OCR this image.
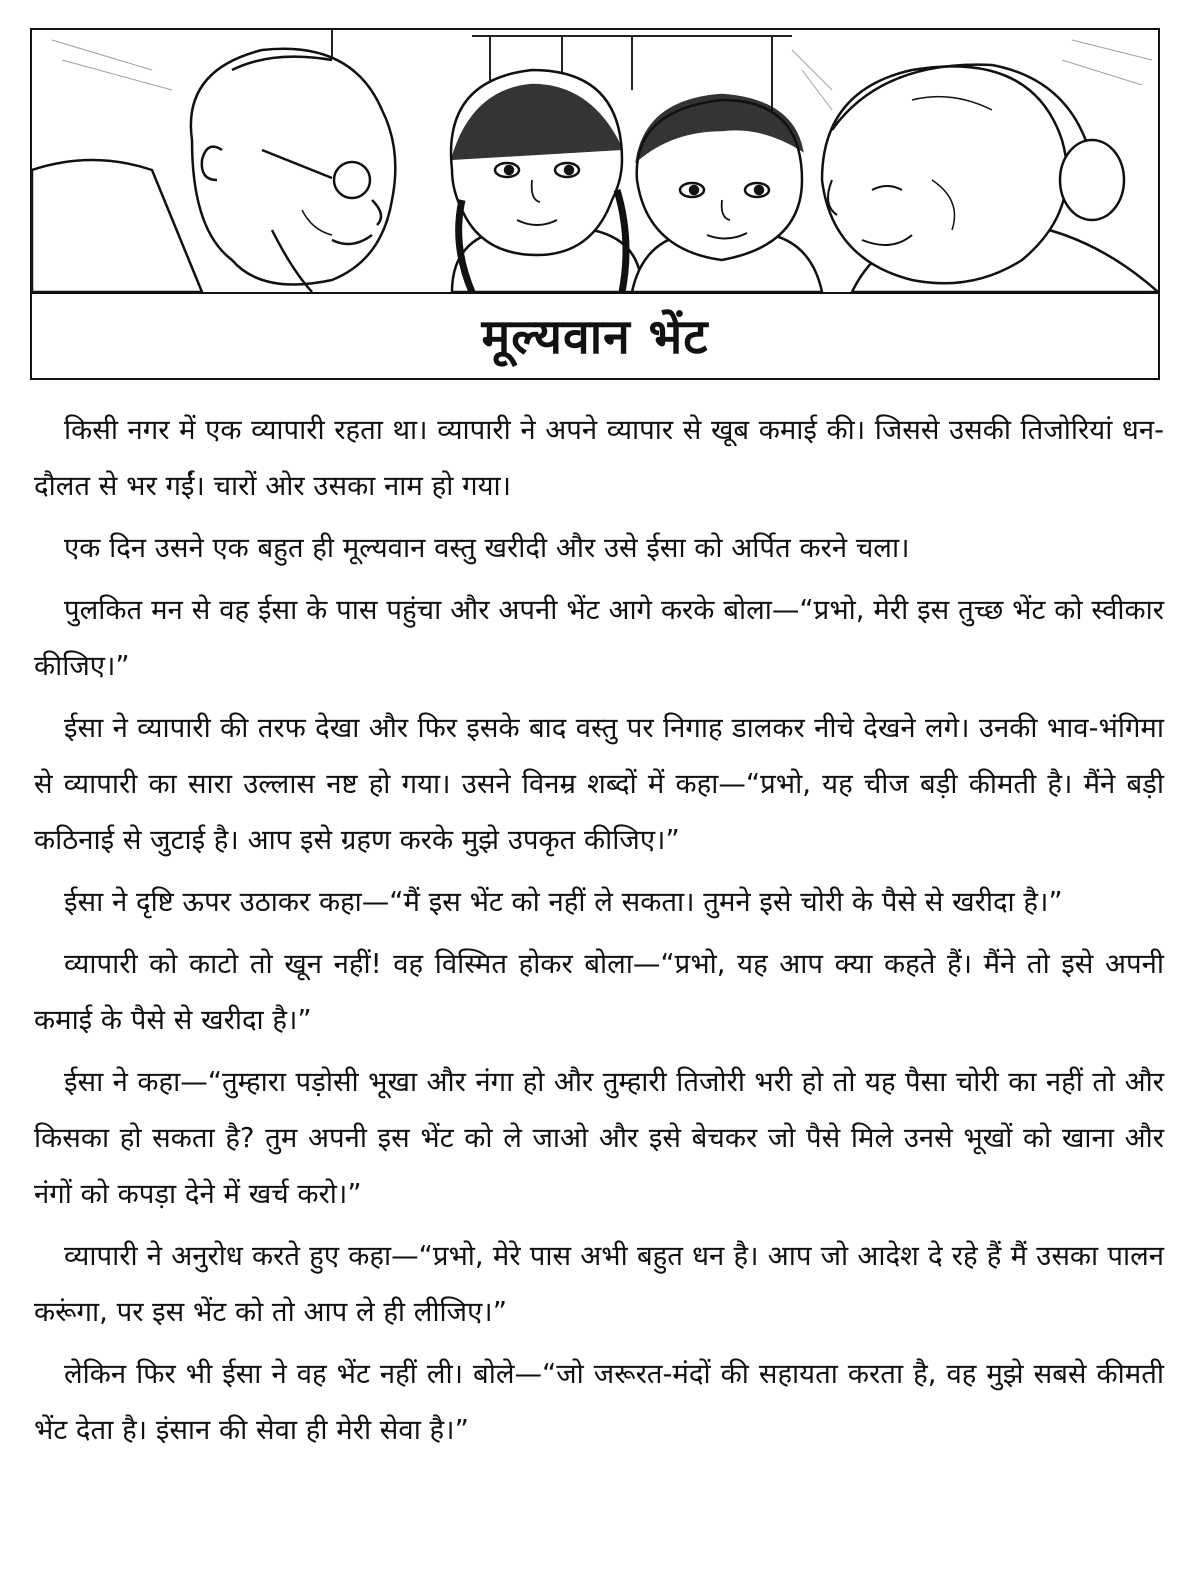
मूल्यवान भेंट

किसी नगर में एक व्यापारी रहता था। व्यापारी ने अपने व्यापार से खूब कमाई की। जिससे उसकी तिजोरियां धन-दौलत से भर गईं। चारों ओर उसका नाम हो गया।

एक दिन उसने एक बहुत ही मूल्यवान वस्तु खरीदी और उसे ईसा को अर्पित करने चला।

पुलकित मन से वह ईसा के पास पहुंचा और अपनी भेंट आगे करके बोला—“प्रभो, मेरी इस तुच्छ भेंट को स्वीकार कीजिए।”

ईसा ने व्यापारी की तरफ देखा और फिर इसके बाद वस्तु पर निगाह डालकर नीचे देखने लगे। उनकी भाव-भंगिमा से व्यापारी का सारा उल्लास नष्ट हो गया। उसने विनम्र शब्दों में कहा—“प्रभो, यह चीज बड़ी कीमती है। मैंने बड़ी कठिनाई से जुटाई है। आप इसे ग्रहण करके मुझे उपकृत कीजिए।”

ईसा ने दृष्टि ऊपर उठाकर कहा—“मैं इस भेंट को नहीं ले सकता। तुमने इसे चोरी के पैसे से खरीदा है।”

व्यापारी को काटो तो खून नहीं! वह विस्मित होकर बोला—“प्रभो, यह आप क्या कहते हैं। मैंने तो इसे अपनी कमाई के पैसे से खरीदा है।”

ईसा ने कहा—“तुम्हारा पड़ोसी भूखा और नंगा हो और तुम्हारी तिजोरी भरी हो तो यह पैसा चोरी का नहीं तो और किसका हो सकता है? तुम अपनी इस भेंट को ले जाओ और इसे बेचकर जो पैसे मिले उनसे भूखों को खाना और नंगों को कपड़ा देने में खर्च करो।”

व्यापारी ने अनुरोध करते हुए कहा—“प्रभो, मेरे पास अभी बहुत धन है। आप जो आदेश दे रहे हैं मैं उसका पालन करूंगा, पर इस भेंट को तो आप ले ही लीजिए।”

लेकिन फिर भी ईसा ने वह भेंट नहीं ली। बोले—“जो जरूरत-मंदों की सहायता करता है, वह मुझे सबसे कीमती भेंट देता है। इंसान की सेवा ही मेरी सेवा है।”
